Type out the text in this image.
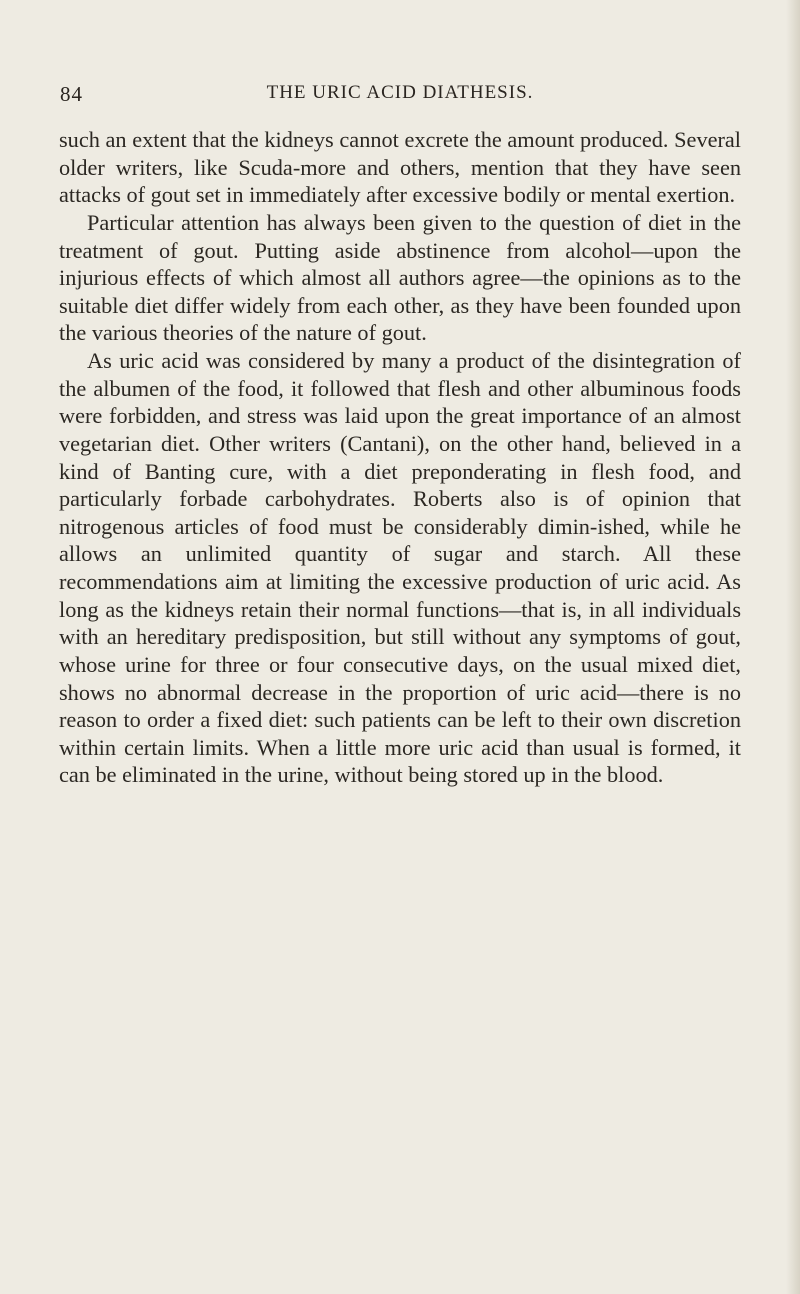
84	THE URIC ACID DIATHESIS.

such an extent that the kidneys cannot excrete the amount produced. Several older writers, like Scuda-more and others, mention that they have seen attacks of gout set in immediately after excessive bodily or mental exertion.

Particular attention has always been given to the question of diet in the treatment of gout. Putting aside abstinence from alcohol—upon the injurious effects of which almost all authors agree—the opinions as to the suitable diet differ widely from each other, as they have been founded upon the various theories of the nature of gout.

As uric acid was considered by many a product of the disintegration of the albumen of the food, it followed that flesh and other albuminous foods were forbidden, and stress was laid upon the great importance of an almost vegetarian diet. Other writers (Cantani), on the other hand, believed in a kind of Banting cure, with a diet preponderating in flesh food, and particularly forbade carbohydrates. Roberts also is of opinion that nitrogenous articles of food must be considerably dimin-ished, while he allows an unlimited quantity of sugar and starch. All these recommendations aim at limiting the excessive production of uric acid. As long as the kidneys retain their normal functions—that is, in all individuals with an hereditary predisposition, but still without any symptoms of gout, whose urine for three or four consecutive days, on the usual mixed diet, shows no abnormal decrease in the proportion of uric acid—there is no reason to order a fixed diet: such patients can be left to their own discretion within certain limits. When a little more uric acid than usual is formed, it can be eliminated in the urine, without being stored up in the blood.
